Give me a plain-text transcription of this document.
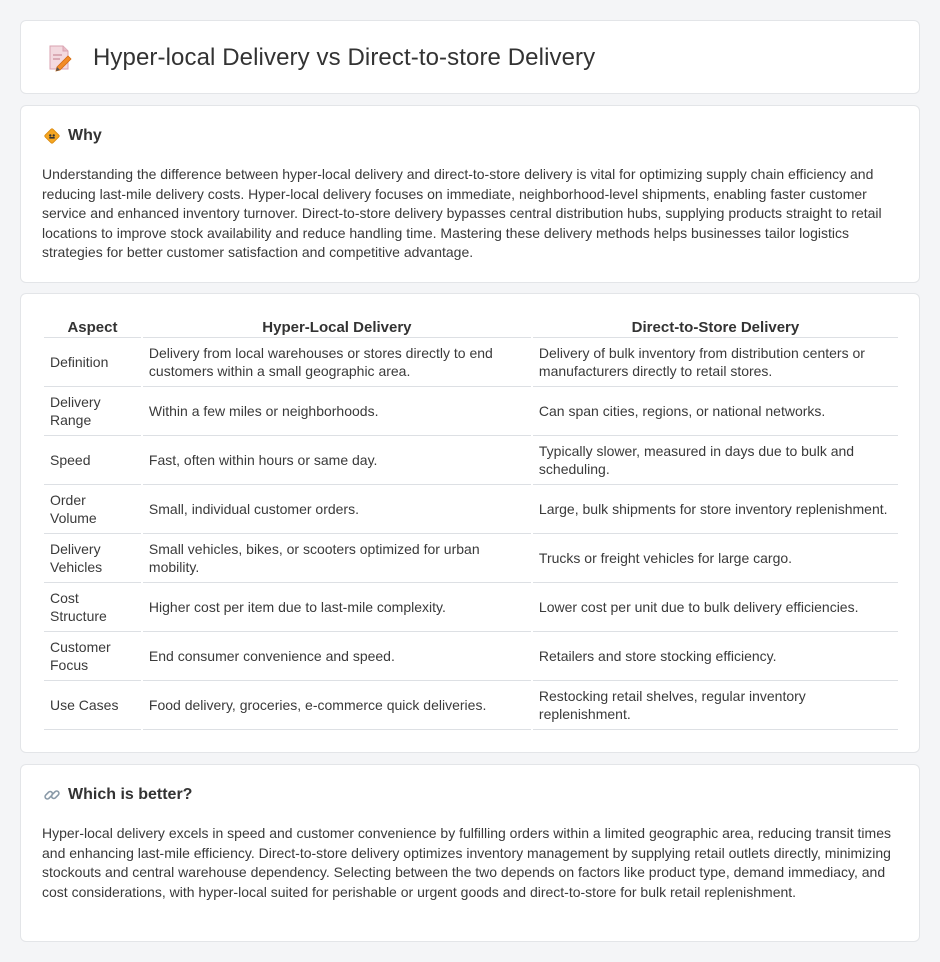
Hyper-local Delivery vs Direct-to-store Delivery
Why

Understanding the difference between hyper-local delivery and direct-to-store delivery is vital for optimizing supply chain efficiency and reducing last-mile delivery costs. Hyper-local delivery focuses on immediate, neighborhood-level shipments, enabling faster customer service and enhanced inventory turnover. Direct-to-store delivery bypasses central distribution hubs, supplying products straight to retail locations to improve stock availability and reduce handling time. Mastering these delivery methods helps businesses tailor logistics strategies for better customer satisfaction and competitive advantage.

Aspect	Hyper-Local Delivery	Direct-to-Store Delivery
Definition	Delivery from local warehouses or stores directly to end customers within a small geographic area.	Delivery of bulk inventory from distribution centers or manufacturers directly to retail stores.
Delivery Range	Within a few miles or neighborhoods.	Can span cities, regions, or national networks.
Speed	Fast, often within hours or same day.	Typically slower, measured in days due to bulk and scheduling.
Order Volume	Small, individual customer orders.	Large, bulk shipments for store inventory replenishment.
Delivery Vehicles	Small vehicles, bikes, or scooters optimized for urban mobility.	Trucks or freight vehicles for large cargo.
Cost Structure	Higher cost per item due to last-mile complexity.	Lower cost per unit due to bulk delivery efficiencies.
Customer Focus	End consumer convenience and speed.	Retailers and store stocking efficiency.
Use Cases	Food delivery, groceries, e-commerce quick deliveries.	Restocking retail shelves, regular inventory replenishment.
Which is better?

Hyper-local delivery excels in speed and customer convenience by fulfilling orders within a limited geographic area, reducing transit times and enhancing last-mile efficiency. Direct-to-store delivery optimizes inventory management by supplying retail outlets directly, minimizing stockouts and central warehouse dependency. Selecting between the two depends on factors like product type, demand immediacy, and cost considerations, with hyper-local suited for perishable or urgent goods and direct-to-store for bulk retail replenishment.
